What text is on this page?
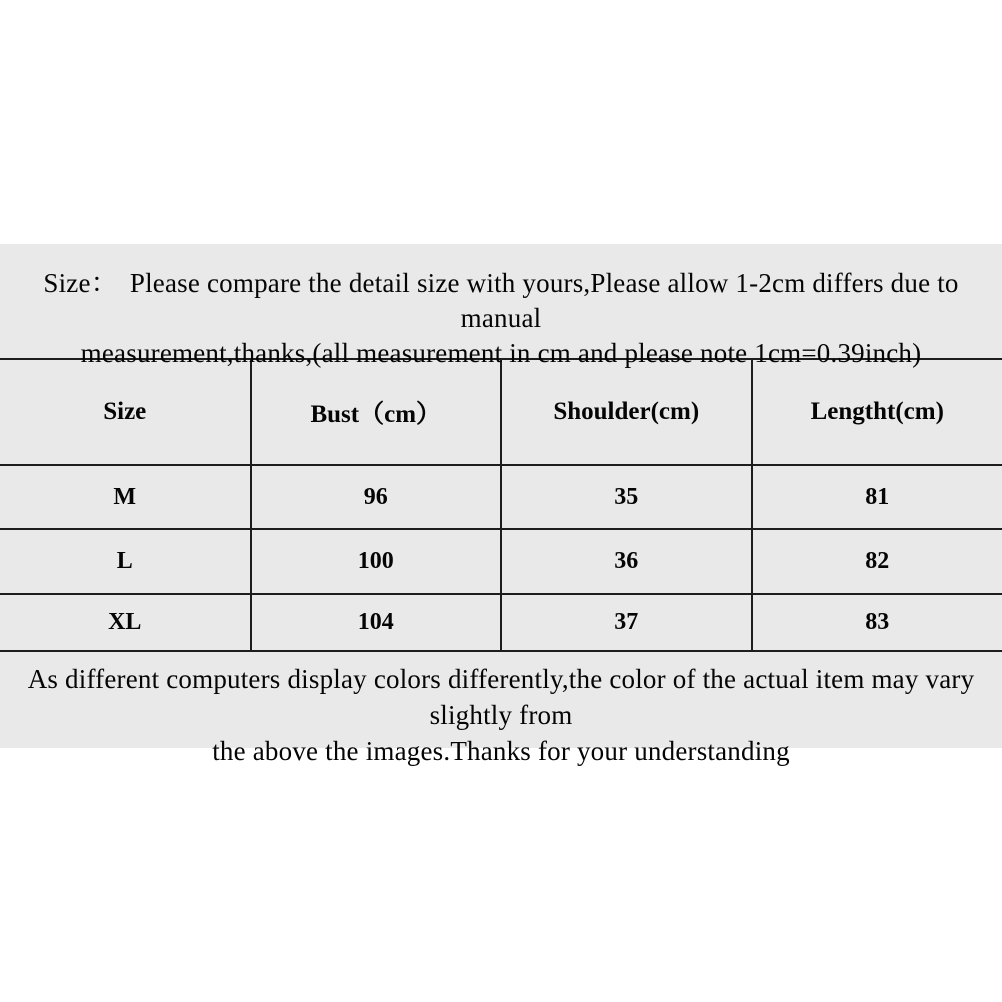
Size： Please compare the detail size with yours,Please allow 1-2cm differs due to manual
measurement,thanks,(all measurement in cm and please note 1cm=0.39inch)
Size	Bust（cm）	Shoulder(cm)	Lengtht(cm)
M	96	35	81
L	100	36	82
XL	104	37	83
As different computers display colors differently,the color of the actual item may vary slightly from
the above the images.Thanks for your understanding
